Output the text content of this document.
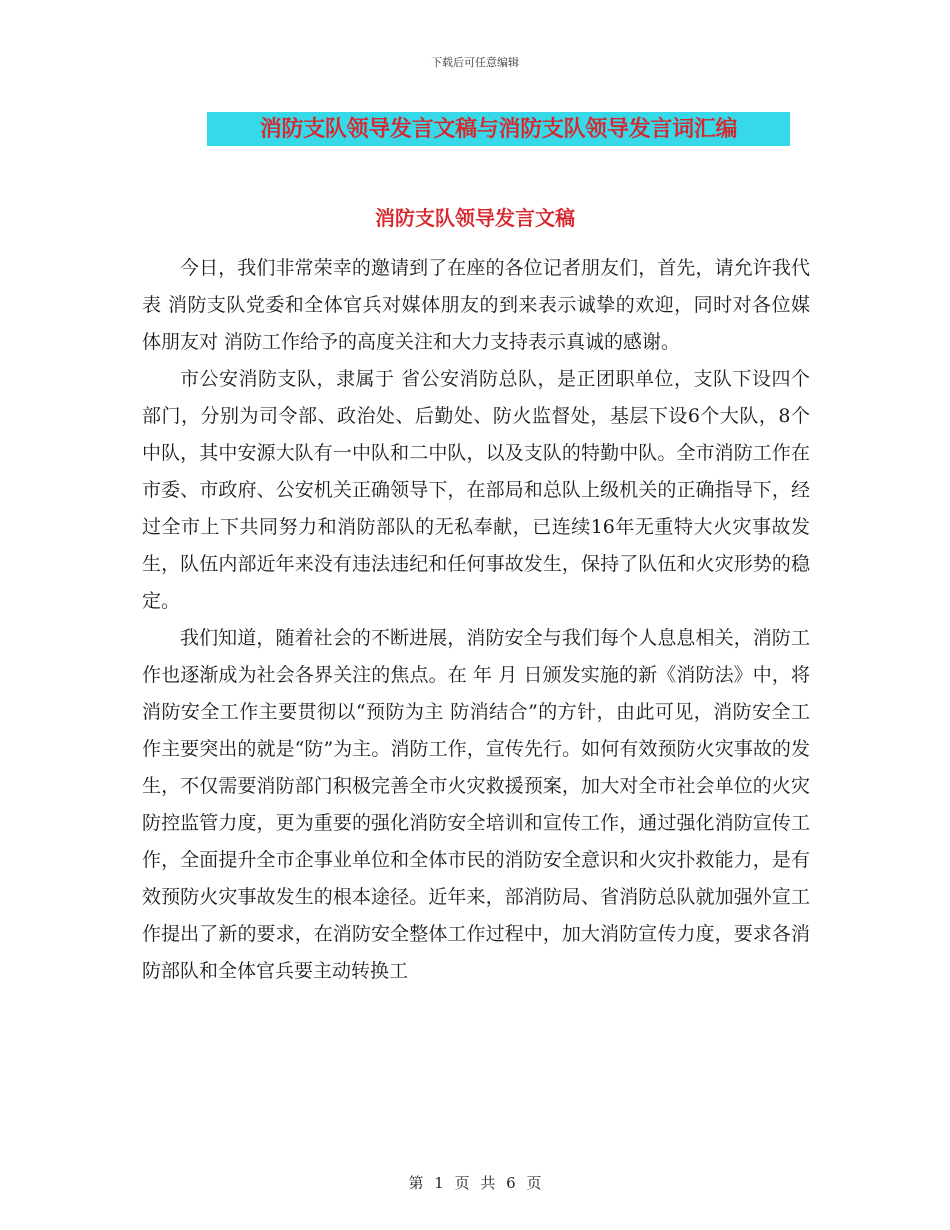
下载后可任意编辑
消防支队领导发言文稿与消防支队领导发言词汇编
消防支队领导发言文稿

今日，我们非常荣幸的邀请到了在座的各位记者朋友们，首先，请允许我代表 消防支队党委和全体官兵对媒体朋友的到来表示诚挚的欢迎，同时对各位媒体朋友对 消防工作给予的高度关注和大力支持表示真诚的感谢。

市公安消防支队，隶属于 省公安消防总队，是正团职单位，支队下设四个部门，分别为司令部、政治处、后勤处、防火监督处，基层下设6个大队，8个中队，其中安源大队有一中队和二中队，以及支队的特勤中队。全市消防工作在市委、市政府、公安机关正确领导下，在部局和总队上级机关的正确指导下，经过全市上下共同努力和消防部队的无私奉献，已连续16年无重特大火灾事故发生，队伍内部近年来没有违法违纪和任何事故发生，保持了队伍和火灾形势的稳定。

我们知道，随着社会的不断进展，消防安全与我们每个人息息相关，消防工作也逐渐成为社会各界关注的焦点。在 年 月 日颁发实施的新《消防法》中，将消防安全工作主要贯彻以“预防为主 防消结合”的方针，由此可见，消防安全工作主要突出的就是“防”为主。消防工作，宣传先行。如何有效预防火灾事故的发生，不仅需要消防部门积极完善全市火灾救援预案，加大对全市社会单位的火灾防控监管力度，更为重要的强化消防安全培训和宣传工作，通过强化消防宣传工作，全面提升全市企事业单位和全体市民的消防安全意识和火灾扑救能力，是有效预防火灾事故发生的根本途径。近年来，部消防局、省消防总队就加强外宣工作提出了新的要求，在消防安全整体工作过程中，加大消防宣传力度，要求各消防部队和全体官兵要主动转换工

第 1 页 共 6 页
